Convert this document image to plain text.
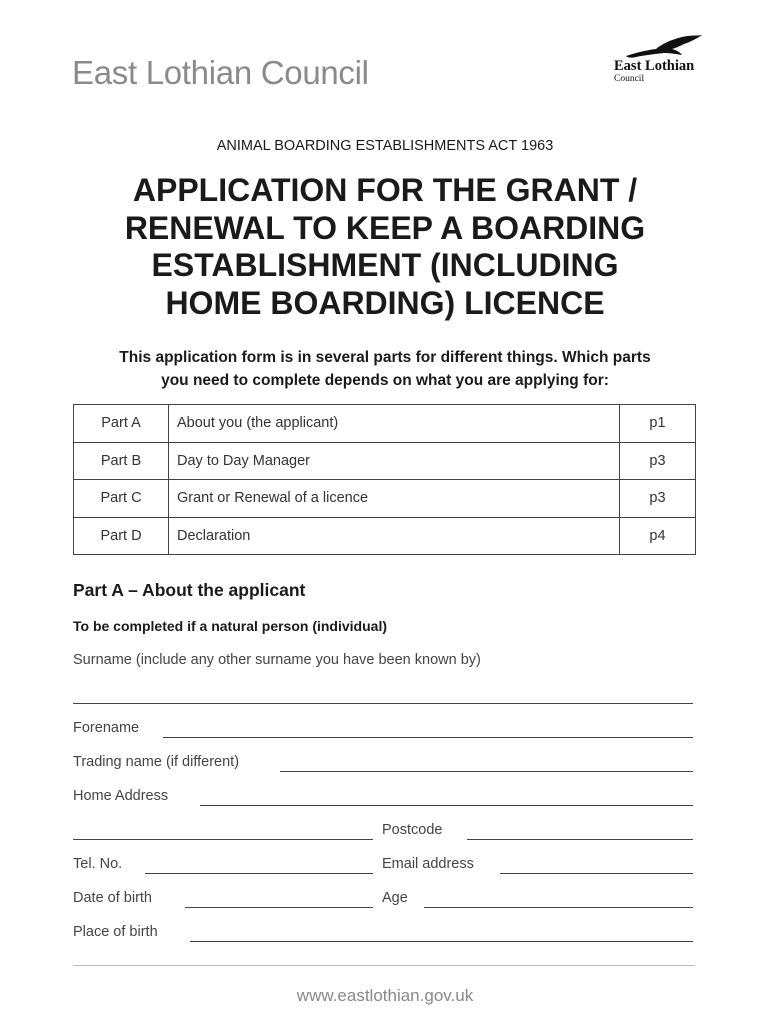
East Lothian Council	East Lothian
Council
ANIMAL BOARDING ESTABLISHMENTS ACT 1963
APPLICATION FOR THE GRANT /
RENEWAL TO KEEP A BOARDING
ESTABLISHMENT (INCLUDING
HOME BOARDING) LICENCE

This application form is in several parts for different things. Which parts
you need to complete depends on what you are applying for:

Part A	About you (the applicant)	p1
Part B	Day to Day Manager	p3
Part C	Grant or Renewal of a licence	p3
Part D	Declaration	p4
Part A – About the applicant
To be completed if a natural person (individual)
Surname (include any other surname you have been known by)
Forename
Trading name (if different)
Home Address
Postcode
Tel. No.	Email address
Date of birth	Age
Place of birth
www.eastlothian.gov.uk
